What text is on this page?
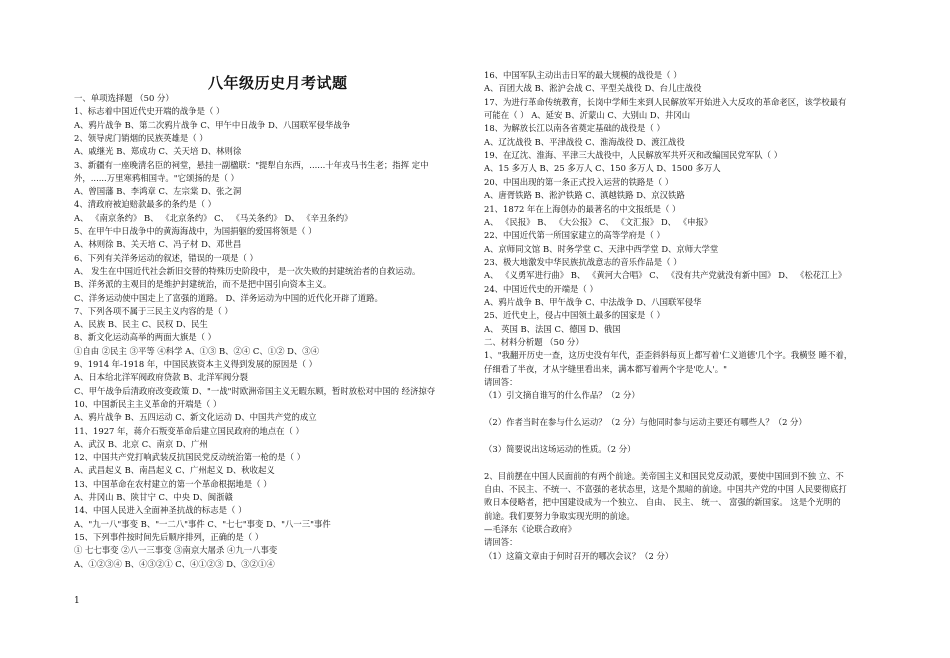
八年级历史月考试题
一、单项选择题 （50 分）
1、标志着中国近代史开端的战争是（ ）
A、鸦片战争 B、第二次鸦片战争 C、甲午中日战争 D、八国联军侵华战争
2、领导虎门销烟的民族英雄是（ ）
A、戚继光 B、郑成功 C、关天培 D、林则徐
3、新疆有一座晚清名臣的祠堂，悬挂一副楹联："提犁自东西，......十年戎马书生老；指挥 定中
外，......万里寒鸦相国寺。"它颂扬的是（ ）
A、曾国藩 B、李鸿章 C、左宗棠 D、张之洞
4、清政府被迫赔款最多的条约是（ ）
A、 《南京条约》 B、 《北京条约》 C、 《马关条约》 D、 《辛丑条约》
5、在甲午中日战争中的黄海海战中，为国捐躯的爱国将领是（ ）
A、林则徐 B、关天培 C、冯子材 D、邓世昌
6、下列有关洋务运动的叙述，错误的一项是（ ）
A、 发生在中国近代社会新旧交替的特殊历史阶段中， 是一次失败的封建统治者的自救运动。
B、洋务派的主观目的是维护封建统治，而不是把中国引向资本主义。
C、洋务运动使中国走上了富强的道路。 D、洋务运动为中国的近代化开辟了道路。
7、下列各项不属于三民主义内容的是（ ）
A、民族 B、民主 C、民权 D、民生
8、新文化运动高举的两面大旗是（ ）
①自由 ②民主 ③平等 ④科学 A、①③ B、②④ C、①② D、③④
9、1914 年-1918 年，中国民族资本主义得到发展的原因是（ ）
A、日本给北洋军阀政府贷款 B、北洋军阀分裂
C、甲午战争后清政府改变政策 D、"一战"时欧洲帝国主义无暇东顾，暂时放松对中国的 经济掠夺
10、中国新民主主义革命的开端是（ ）
A、鸦片战争 B、五四运动 C、新文化运动 D、中国共产党的成立
11、1927 年，蒋介石叛变革命后建立国民政府的地点在（ ）
A、武汉 B、北京 C、南京 D、广州
12、中国共产党打响武装反抗国民党反动统治第一枪的是（ ）
A、武昌起义 B、南昌起义 C、广州起义 D、秋收起义
13、中国革命在农村建立的第一个革命根据地是（ ）
A、井冈山 B、陕甘宁 C、中央 D、闽浙赣
14、中国人民进入全面神圣抗战的标志是（ ）
A、"九一八"事变 B、"一二八"事件 C、"七七"事变 D、"八一三"事件
15、下列事件按时间先后顺序排列，正确的是（ ）
① 七七事变 ②八一三事变 ③南京大屠杀 ④九一八事变
A、①②③④ B、④③②① C、④①②③ D、③②①④
16、中国军队主动出击日军的最大规模的战役是（ ）
A、百团大战 B、淞沪会战 C、平型关战役 D、台儿庄战役
17、为进行革命传统教育，长岗中学师生来到人民解放军开始进入大反攻的革命老区，该学校最有
可能在（ ） A、延安 B、沂蒙山 C、大别山 D、井冈山
18、为解放长江以南各省奠定基础的战役是（ ）
A、辽沈战役 B、平津战役 C、淮海战役 D、渡江战役
19、在辽沈、淮海、平津三大战役中，人民解放军共歼灭和改编国民党军队（ ）
A、15 多万人 B、25 多万人 C、150 多万人 D、1500 多万人
20、中国出现的第一条正式投入运营的铁路是（ ）
A、唐胥铁路 B、淞沪铁路 C、滇越铁路 D、京汉铁路
21、1872 年在上海创办的最著名的中文报纸是（ ）
A、 《民报》 B、 《大公报》 C、 《文汇报》 D、 《申报》
22、中国近代第一所国家建立的高等学府是（ ）
A、京师同文馆 B、时务学堂 C、天津中西学堂 D、京师大学堂
23、极大地激发中华民族抗战意志的音乐作品是（ ）
A、 《义勇军进行曲》 B、 《黄河大合唱》 C、 《没有共产党就没有新中国》 D、 《松花江上》
24、中国近代史的开端是（ ）
A、鸦片战争 B、甲午战争 C、中法战争 D、八国联军侵华
25、近代史上，侵占中国领土最多的国家是（ ）
A、 英国 B、法国 C、德国 D、俄国
二、材料分析题 （50 分）
1、"我翻开历史一查，这历史没有年代，歪歪斜斜每页上都写着'仁义道德'几个字。我横竖 睡不着，
仔细看了半夜，才从字缝里看出来，满本都写着两个字是'吃人'。"
请回答：
（1）引文摘自谁写的什么作品？（2 分）
（2）作者当时在参与什么运动？（2 分）与他同时参与运动主要还有哪些人？（2 分）
（3）简要说出这场运动的性质。（2 分）
2、目前摆在中国人民面前的有两个前途。美帝国主义和国民党反动派，要使中国回到不独 立、不
自由、不民主、不统一、不富强的老状态里，这是个黑暗的前途。中国共产党的中国 人民要彻底打
败日本侵略者，把中国建设成为一个独立、 自由、 民主、 统一、 富强的新国家。 这是个光明的
前途。我们要努力争取实现光明的前途。
—毛泽东《论联合政府》
请回答：
（1）这篇文章由于何时召开的哪次会议？（2 分）
1
